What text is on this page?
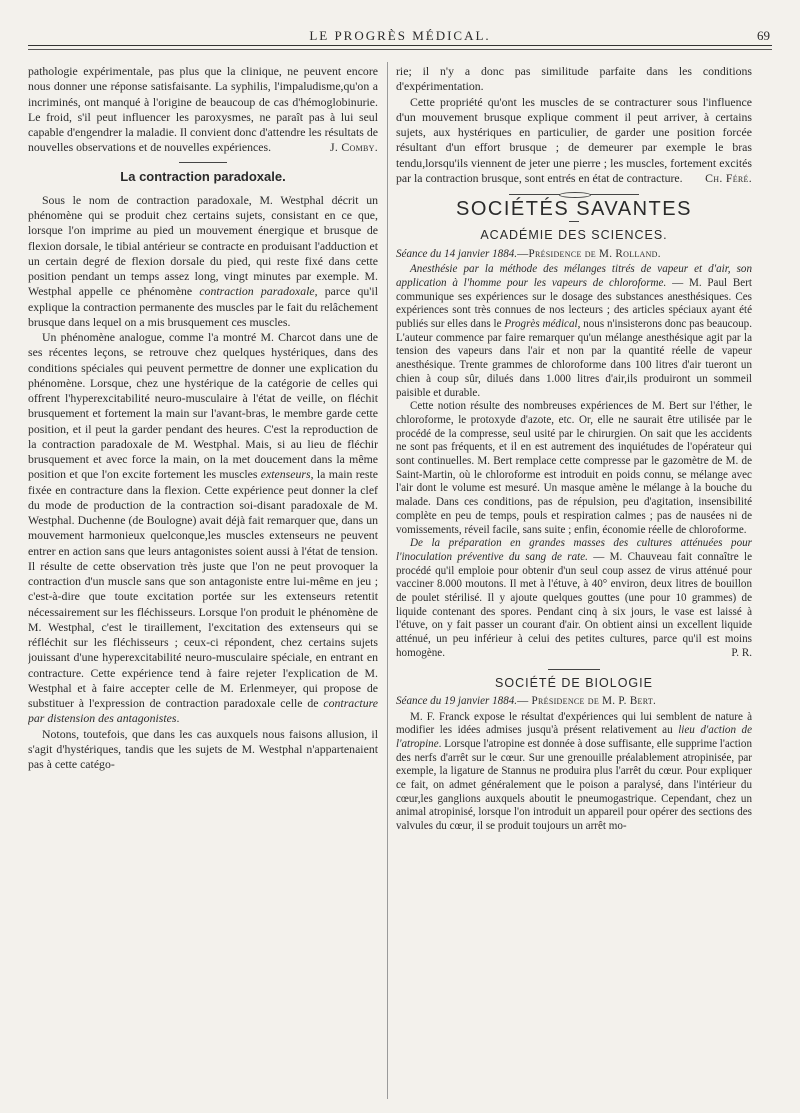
LE PROGRÈS MÉDICAL.	69

pathologie expérimentale, pas plus que la clinique, ne peuvent encore nous donner une réponse satisfaisante. La syphilis, l'impaludisme,qu'on a incriminés, ont manqué à l'origine de beaucoup de cas d'hémoglobinurie. Le froid, s'il peut influencer les paroxysmes, ne paraît pas à lui seul capable d'engendrer la maladie. Il convient donc d'attendre les résultats de nouvelles observations et de nouvelles expériences.	J. Comby.

La contraction paradoxale.

Sous le nom de contraction paradoxale, M. Westphal décrit un phénomène qui se produit chez certains sujets, consistant en ce que, lorsque l'on imprime au pied un mouvement énergique et brusque de flexion dorsale, le tibial antérieur se contracte en produisant l'adduction et un certain degré de flexion dorsale du pied, qui reste fixé dans cette position pendant un temps assez long, vingt minutes par exemple. M. Westphal appelle ce phénomène contraction paradoxale, parce qu'il explique la contraction permanente des muscles par le fait du relâchement brusque dans lequel on a mis brusquement ces muscles.

Un phénomène analogue, comme l'a montré M. Charcot dans une de ses récentes leçons, se retrouve chez quelques hystériques, dans des conditions spéciales qui peuvent permettre de donner une explication du phénomène. Lorsque, chez une hystérique de la catégorie de celles qui offrent l'hyperexcitabilité neuro-musculaire à l'état de veille, on fléchit brusquement et fortement la main sur l'avant-bras, le membre garde cette position, et il peut la garder pendant des heures. C'est la reproduction de la contraction paradoxale de M. Westphal. Mais, si au lieu de fléchir brusquement et avec force la main, on la met doucement dans la même position et que l'on excite fortement les muscles extenseurs, la main reste fixée en contracture dans la flexion. Cette expérience peut donner la clef du mode de production de la contraction soi-disant paradoxale de M. Westphal. Duchenne (de Boulogne) avait déjà fait remarquer que, dans un mouvement harmonieux quelconque,les muscles extenseurs ne peuvent entrer en action sans que leurs antagonistes soient aussi à l'état de tension. Il résulte de cette observation très juste que l'on ne peut provoquer la contraction d'un muscle sans que son antagoniste entre lui-même en jeu ; c'est-à-dire que toute excitation portée sur les extenseurs retentit nécessairement sur les fléchisseurs. Lorsque l'on produit le phénomène de M. Westphal, c'est le tiraillement, l'excitation des extenseurs qui se réfléchit sur les fléchisseurs ; ceux-ci répondent, chez certains sujets jouissant d'une hyperexcitabilité neuro-musculaire spéciale, en entrant en contracture. Cette expérience tend à faire rejeter l'explication de M. Westphal et à faire accepter celle de M. Erlenmeyer, qui propose de substituer à l'expression de contraction paradoxale celle de contracture par distension des antagonistes.

Notons, toutefois, que dans les cas auxquels nous faisons allusion, il s'agit d'hystériques, tandis que les sujets de M. Westphal n'appartenaient pas à cette catégo-

rie; il n'y a donc pas similitude parfaite dans les conditions d'expérimentation.

Cette propriété qu'ont les muscles de se contracturer sous l'influence d'un mouvement brusque explique comment il peut arriver, à certains sujets, aux hystériques en particulier, de garder une position forcée résultant d'un effort brusque ; de demeurer par exemple le bras tendu,lorsqu'ils viennent de jeter une pierre ; les muscles, fortement excités par la contraction brusque, sont entrés en état de contracture.	Ch. Féré.

SOCIÉTÉS SAVANTES
ACADÉMIE DES SCIENCES.

Séance du 14 janvier 1884.—Présidence de M. Rolland.

Anesthésie par la méthode des mélanges titrés de vapeur et d'air, son application à l'homme pour les vapeurs de chloroforme. — M. Paul Bert communique ses expériences sur le dosage des substances anesthésiques. Ces expériences sont très connues de nos lecteurs ; des articles spéciaux ayant été publiés sur elles dans le Progrès médical, nous n'insisterons donc pas beaucoup. L'auteur commence par faire remarquer qu'un mélange anesthésique agit par la tension des vapeurs dans l'air et non par la quantité réelle de vapeur anesthésique. Trente grammes de chloroforme dans 100 litres d'air tueront un chien à coup sûr, dilués dans 1.000 litres d'air,ils produiront un sommeil paisible et durable.

Cette notion résulte des nombreuses expériences de M. Bert sur l'éther, le chloroforme, le protoxyde d'azote, etc. Or, elle ne saurait être utilisée par le procédé de la compresse, seul usité par le chirurgien. On sait que les accidents ne sont pas fréquents, et il en est autrement des inquiétudes de l'opérateur qui sont continuelles. M. Bert remplace cette compresse par le gazomètre de M. de Saint-Martin, où le chloroforme est introduit en poids connu, se mélange avec l'air dont le volume est mesuré. Un masque amène le mélange à la bouche du malade. Dans ces conditions, pas de répulsion, peu d'agitation, insensibilité complète en peu de temps, pouls et respiration calmes ; pas de nausées ni de vomissements, réveil facile, sans suite ; enfin, économie réelle de chloroforme.

De la préparation en grandes masses des cultures atténuées pour l'inoculation préventive du sang de rate. — M. Chauveau fait connaître le procédé qu'il emploie pour obtenir d'un seul coup assez de virus atténué pour vacciner 8.000 moutons. Il met à l'étuve, à 40° environ, deux litres de bouillon de poulet stérilisé. Il y ajoute quelques gouttes (une pour 10 grammes) de liquide contenant des spores. Pendant cinq à six jours, le vase est laissé à l'étuve, on y fait passer un courant d'air. On obtient ainsi un excellent liquide atténué, un peu inférieur à celui des petites cultures, parce qu'il est moins homogène.	P. R.

SOCIÉTÉ DE BIOLOGIE

Séance du 19 janvier 1884.— Présidence de M. P. Bert.

M. F. Franck expose le résultat d'expériences qui lui semblent de nature à modifier les idées admises jusqu'à présent relativement au lieu d'action de l'atropine. Lorsque l'atropine est donnée à dose suffisante, elle supprime l'action des nerfs d'arrêt sur le cœur. Sur une grenouille préalablement atropinisée, par exemple, la ligature de Stannus ne produira plus l'arrêt du cœur. Pour expliquer ce fait, on admet généralement que le poison a paralysé, dans l'intérieur du cœur,les ganglions auxquels aboutit le pneumogastrique. Cependant, chez un animal atropinisé, lorsque l'on introduit un appareil pour opérer des sections des valvules du cœur, il se produit toujours un arrêt mo-
